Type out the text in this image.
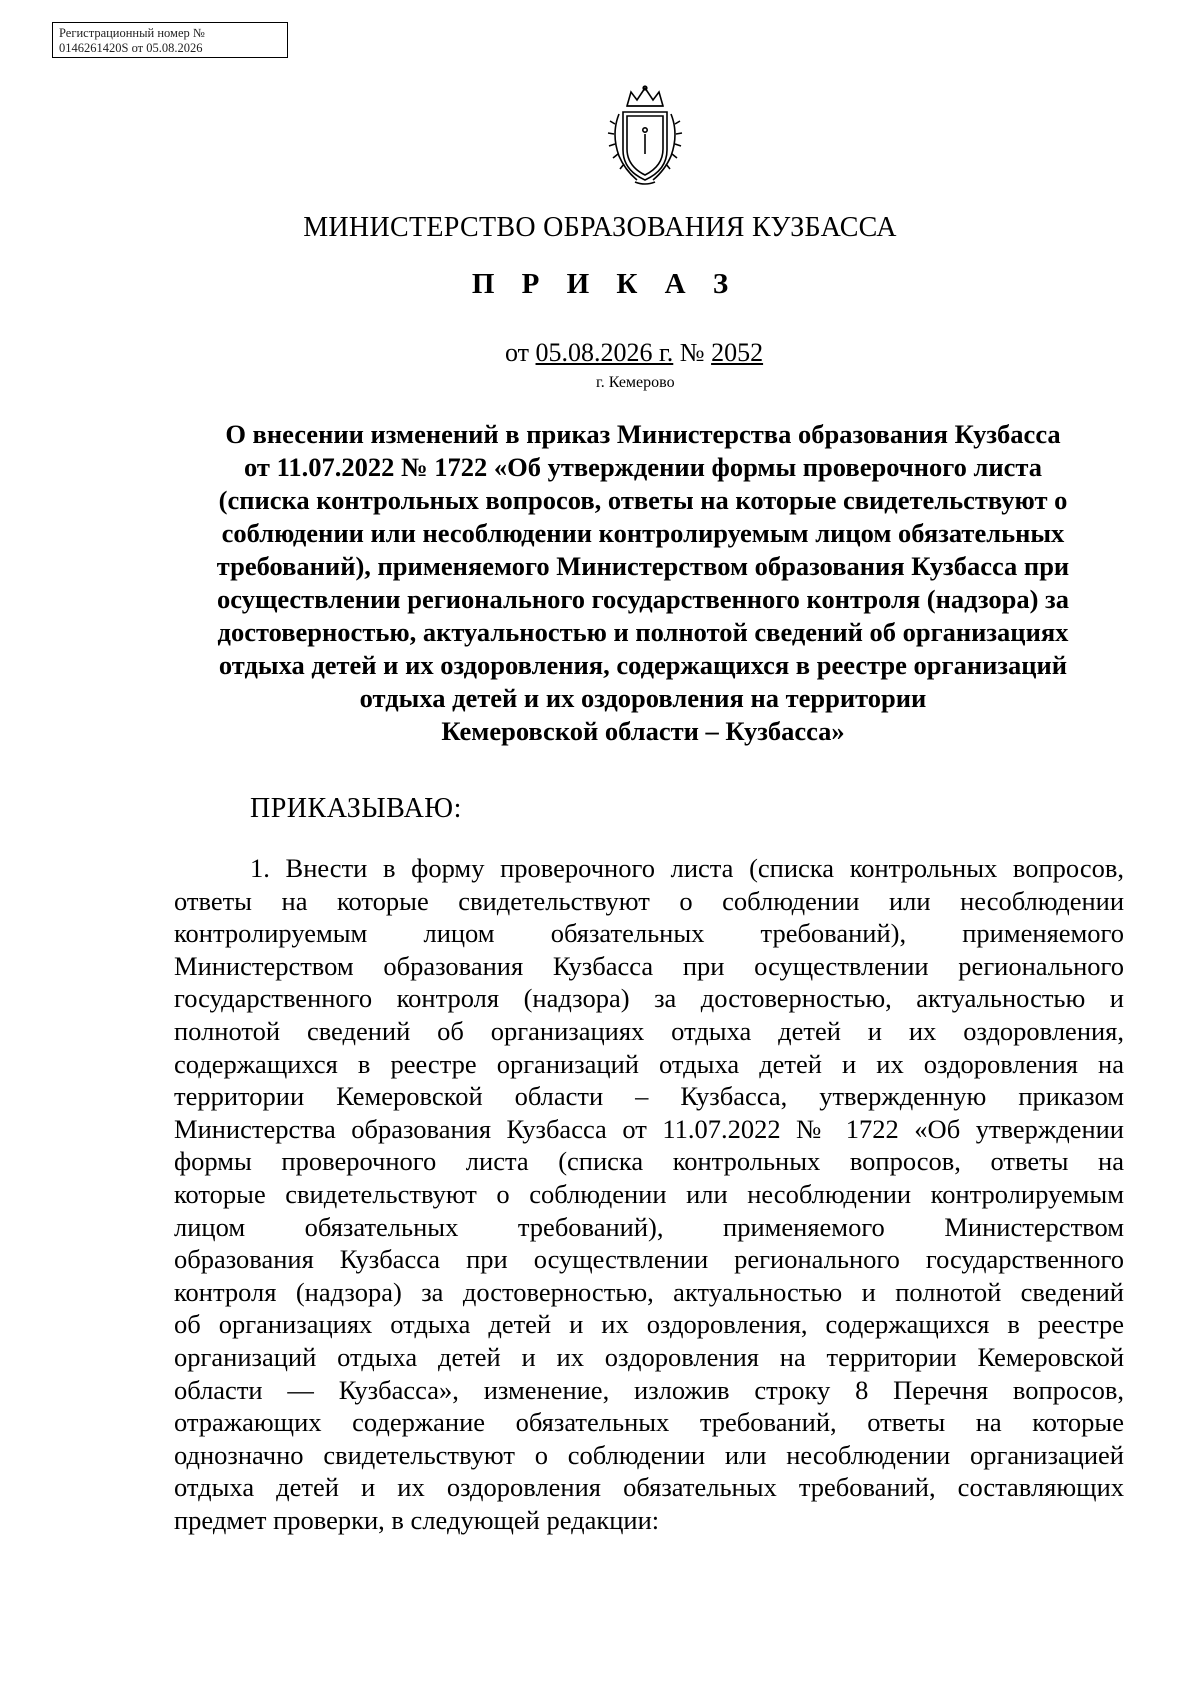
Регистрационный номер №
0146261420S от 05.08.2026
МИНИСТЕРСТВО ОБРАЗОВАНИЯ КУЗБАССА
П Р И К А З
от 05.08.2026 г. № 2052
г. Кемерово
О внесении изменений в приказ Министерства образования Кузбасса
от 11.07.2022 № 1722 «Об утверждении формы проверочного листа
(списка контрольных вопросов, ответы на которые свидетельствуют о
соблюдении или несоблюдении контролируемым лицом обязательных
требований), применяемого Министерством образования Кузбасса при
осуществлении регионального государственного контроля (надзора) за
достоверностью, актуальностью и полнотой сведений об организациях
отдыха детей и их оздоровления, содержащихся в реестре организаций
отдыха детей и их оздоровления на территории
Кемеровской области – Кузбасса»
ПРИКАЗЫВАЮ:
1. Внести в форму проверочного листа (списка контрольных вопросов,
ответы на которые свидетельствуют о соблюдении или несоблюдении
контролируемым лицом обязательных требований), применяемого
Министерством образования Кузбасса при осуществлении регионального
государственного контроля (надзора) за достоверностью, актуальностью и
полнотой сведений об организациях отдыха детей и их оздоровления,
содержащихся в реестре организаций отдыха детей и их оздоровления на
территории Кемеровской области – Кузбасса, утвержденную приказом
Министерства образования Кузбасса от 11.07.2022 № 1722 «Об утверждении
формы проверочного листа (списка контрольных вопросов, ответы на
которые свидетельствуют о соблюдении или несоблюдении контролируемым
лицом обязательных требований), применяемого Министерством
образования Кузбасса при осуществлении регионального государственного
контроля (надзора) за достоверностью, актуальностью и полнотой сведений
об организациях отдыха детей и их оздоровления, содержащихся в реестре
организаций отдыха детей и их оздоровления на территории Кемеровской
области — Кузбасса», изменение, изложив строку 8 Перечня вопросов,
отражающих содержание обязательных требований, ответы на которые
однозначно свидетельствуют о соблюдении или несоблюдении организацией
отдыха детей и их оздоровления обязательных требований, составляющих
предмет проверки, в следующей редакции:
